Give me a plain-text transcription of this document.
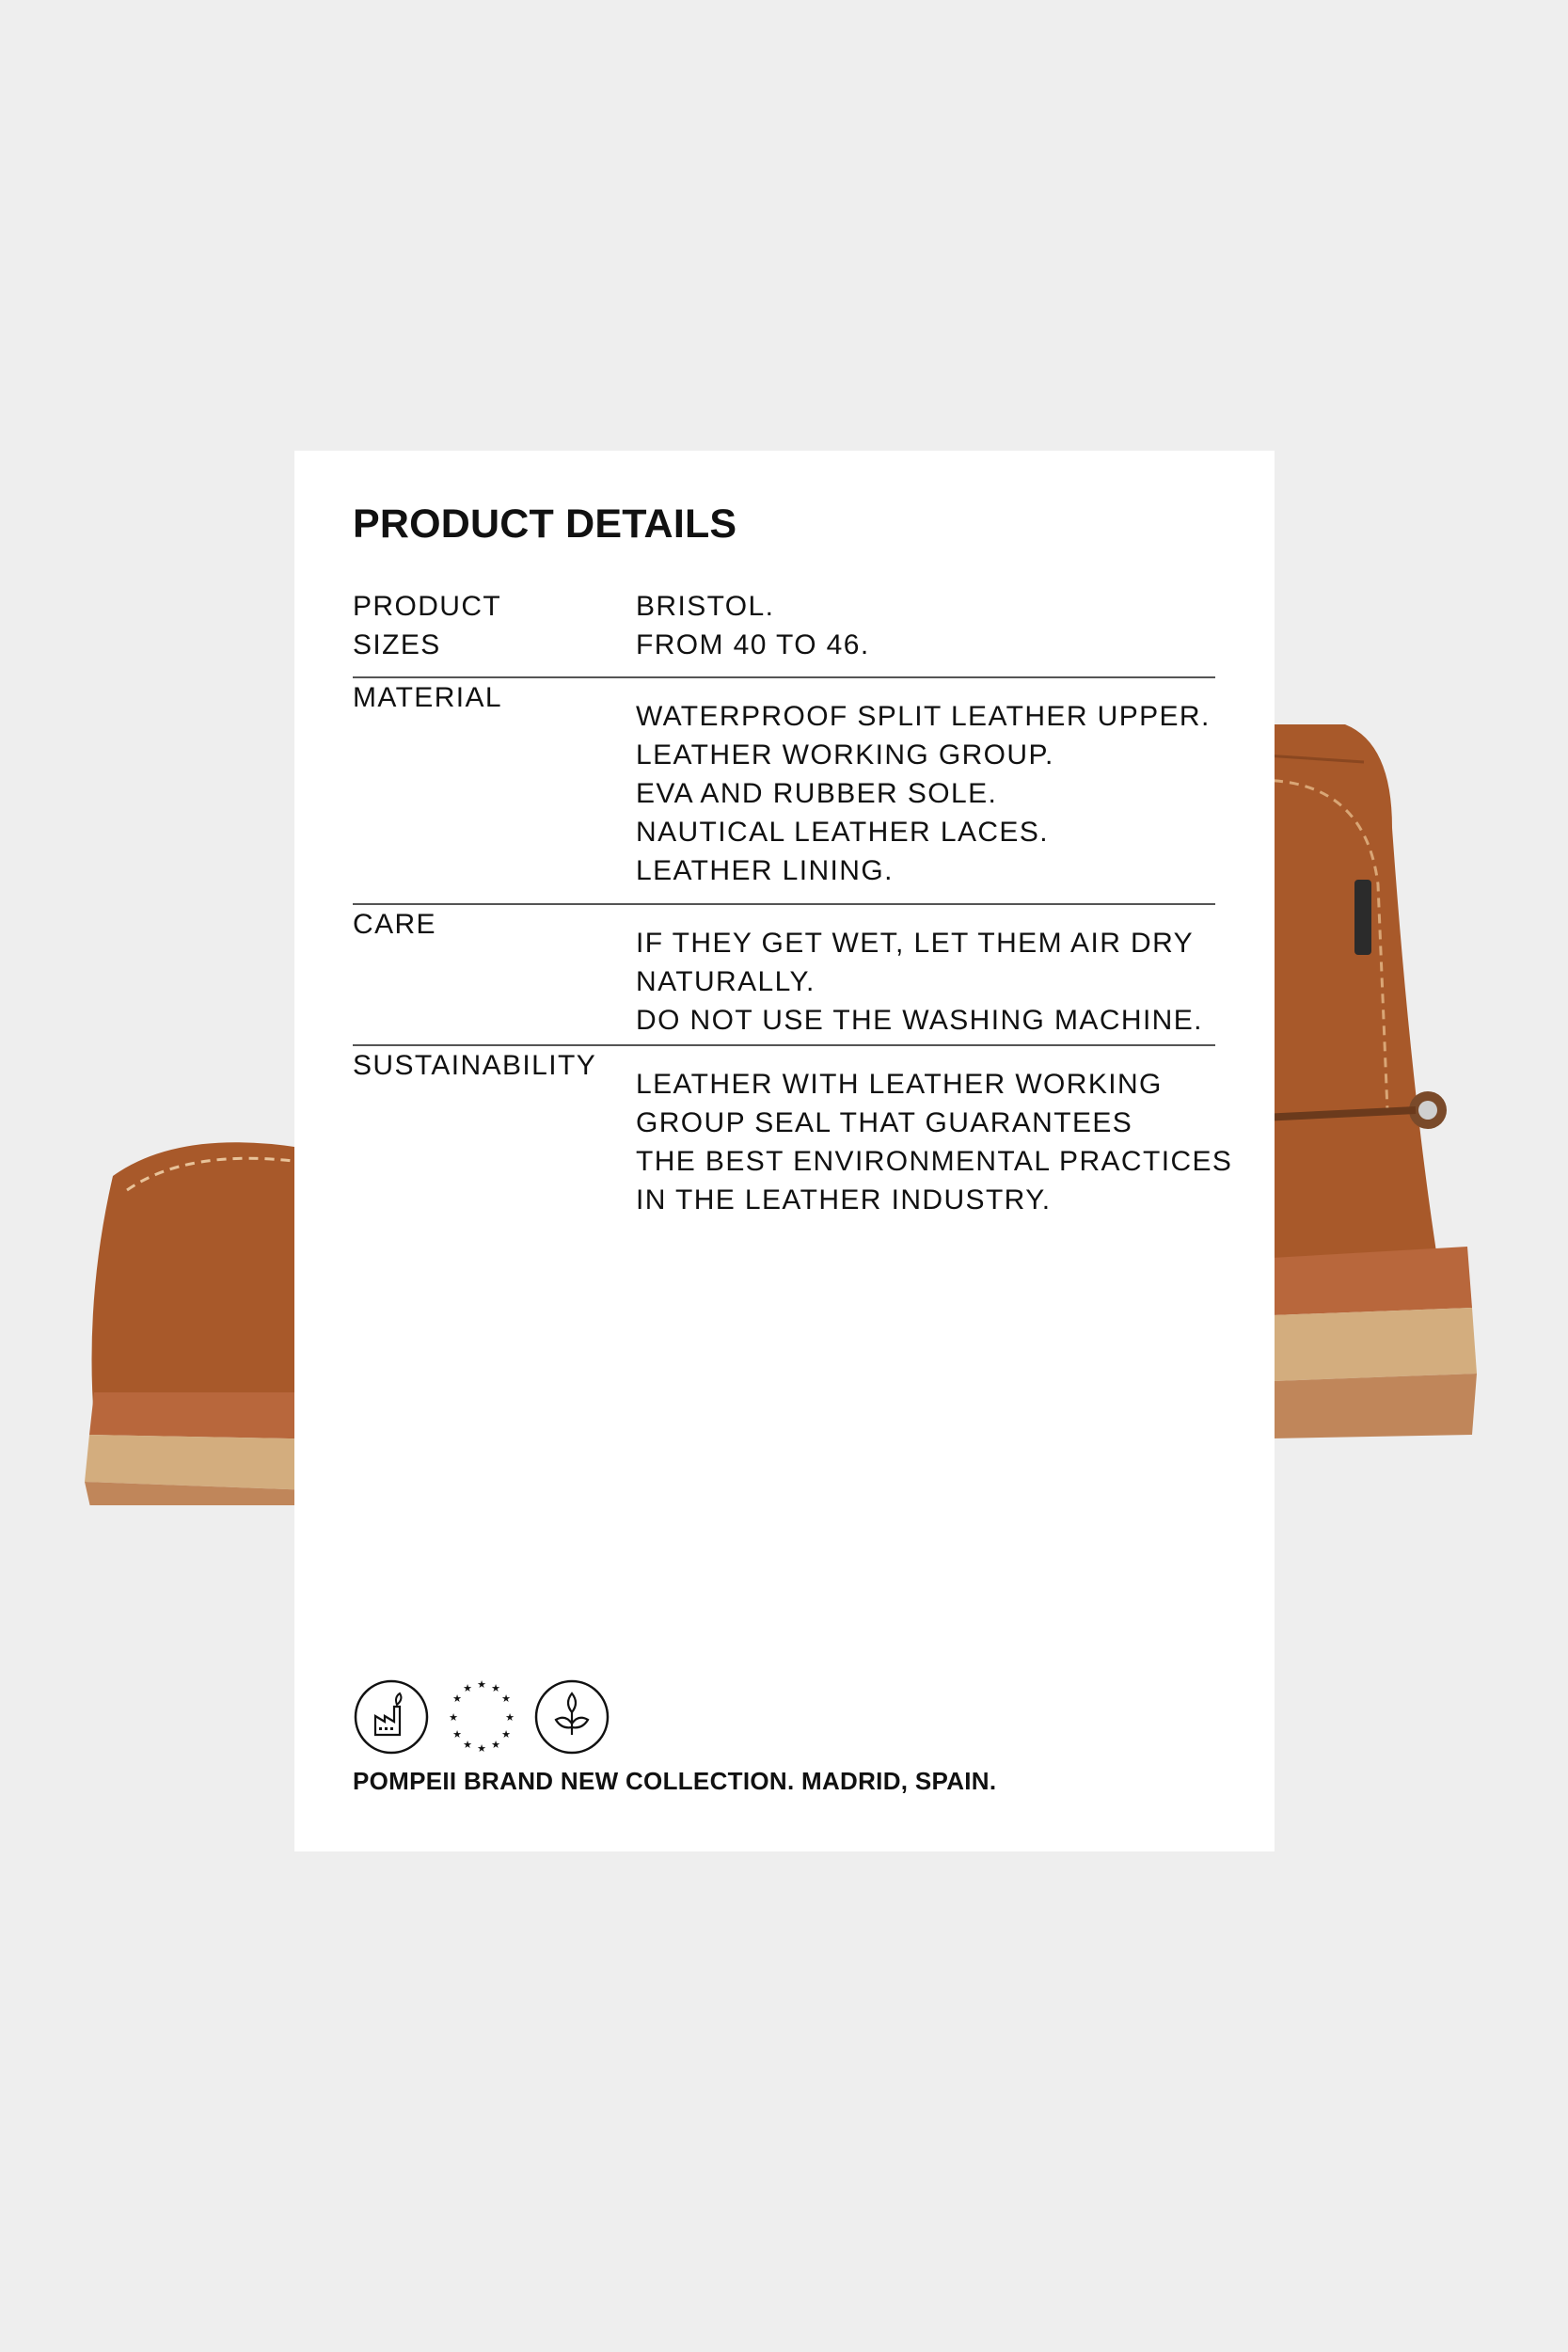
PRODUCT DETAILS
PRODUCT
SIZES
BRISTOL.
FROM 40 TO 46.
MATERIAL
WATERPROOF SPLIT LEATHER UPPER.
LEATHER WORKING GROUP.
EVA AND RUBBER SOLE.
NAUTICAL LEATHER LACES.
LEATHER LINING.
CARE
IF THEY GET WET, LET THEM AIR DRY
NATURALLY.
DO NOT USE THE WASHING MACHINE.
SUSTAINABILITY
LEATHER WITH LEATHER WORKING
GROUP SEAL THAT GUARANTEES
THE BEST ENVIRONMENTAL PRACTICES
IN THE LEATHER INDUSTRY.
★ ★
★
★
★
★
★
★
★
★
★
★
POMPEII BRAND NEW COLLECTION. MADRID, SPAIN.
